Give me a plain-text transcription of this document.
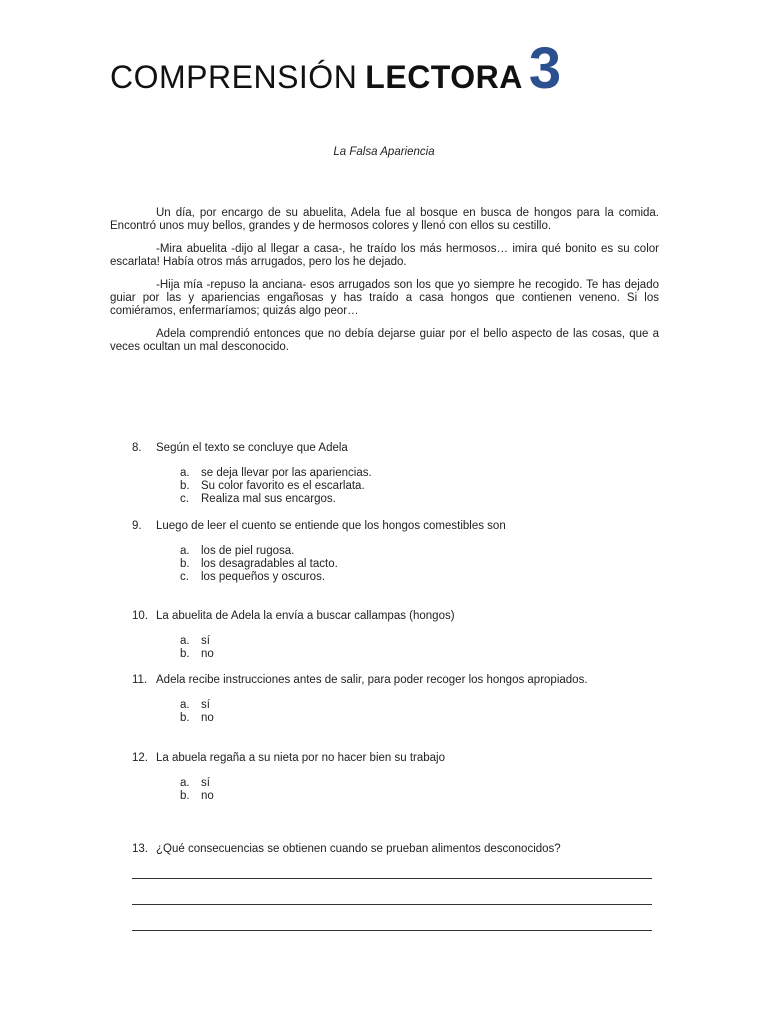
COMPRENSIÓN LECTORA 3
La Falsa Apariencia

Un día, por encargo de su abuelita, Adela fue al bosque en busca de hongos para la comida. Encontró unos muy bellos, grandes y de hermosos colores y llenó con ellos su cestillo.

-Mira abuelita -dijo al llegar a casa-, he traído los más hermosos… imira qué bonito es su color escarlata! Había otros más arrugados, pero los he dejado.

-Hija mía -repuso la anciana- esos arrugados son los que yo siempre he recogido. Te has dejado guiar por las y apariencias engañosas y has traído a casa hongos que contienen veneno. Si los comiéramos, enfermaríamos; quizás algo peor…

Adela comprendió entonces que no debía dejarse guiar por el bello aspecto de las cosas, que a veces ocultan un mal desconocido.

8.	Según el texto se concluye que Adela
a. se deja llevar por las apariencias.
b. Su color favorito es el escarlata.
c.	Realiza mal sus encargos.
9.	Luego de leer el cuento se entiende que los hongos comestibles son
a. los de piel rugosa.
b. los desagradables al tacto.
c.	los pequeños y oscuros.
10. La abuelita de Adela la envía a buscar callampas (hongos)
a. sí
b. no
11. Adela recibe instrucciones antes de salir, para poder recoger los hongos apropiados.
a. sí
b. no
12. La abuela regaña a su nieta por no hacer bien su trabajo
a. sí
b. no
13. ¿Qué consecuencias se obtienen cuando se prueban alimentos desconocidos?
